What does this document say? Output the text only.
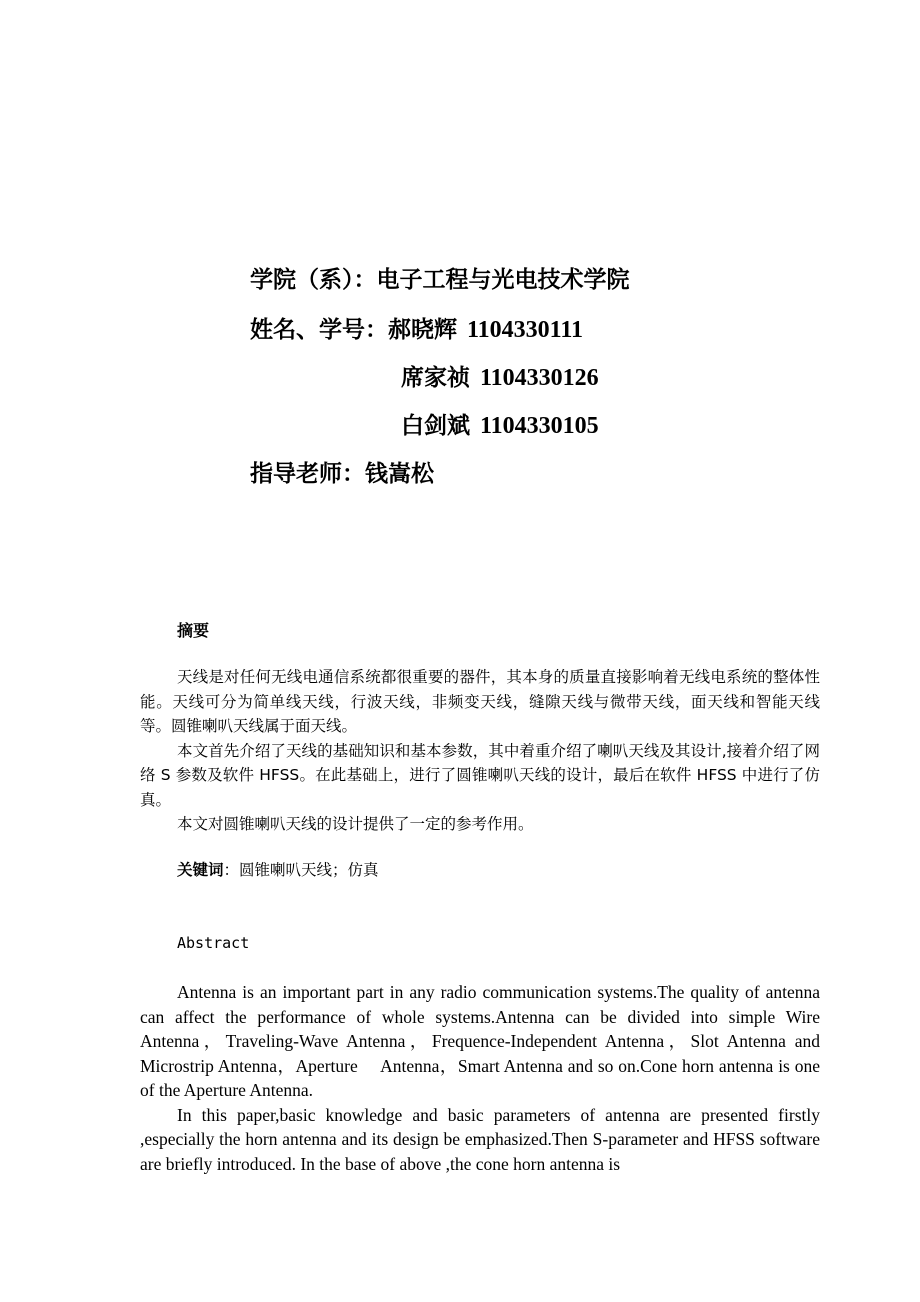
学院（系）：电子工程与光电技术学院
姓名、学号：郝晓辉 1104330111
席家祯 1104330126
白剑斌 1104330105
指导老师：钱嵩松
摘要

天线是对任何无线电通信系统都很重要的器件，其本身的质量直接影响着无线电系统的整体性能。天线可分为简单线天线，行波天线，非频变天线，缝隙天线与微带天线，面天线和智能天线等。圆锥喇叭天线属于面天线。

本文首先介绍了天线的基础知识和基本参数，其中着重介绍了喇叭天线及其设计,接着介绍了网络 S 参数及软件 HFSS。在此基础上，进行了圆锥喇叭天线的设计，最后在软件 HFSS 中进行了仿真。

本文对圆锥喇叭天线的设计提供了一定的参考作用。

关键词：圆锥喇叭天线；仿真
Abstract

Antenna is an important part in any radio communication systems.The quality of antenna can affect the performance of whole systems.Antenna can be divided into simple Wire Antenna，Traveling-Wave Antenna，Frequence-Independent Antenna，Slot Antenna and Microstrip Antenna，Aperture　 Antenna，Smart Antenna and so on.Cone horn antenna is one of the Aperture Antenna.

In this paper,basic knowledge and basic parameters of antenna are presented firstly ,especially the horn antenna and its design be emphasized.Then S-parameter and HFSS software are briefly introduced. In the base of above ,the cone horn antenna is
